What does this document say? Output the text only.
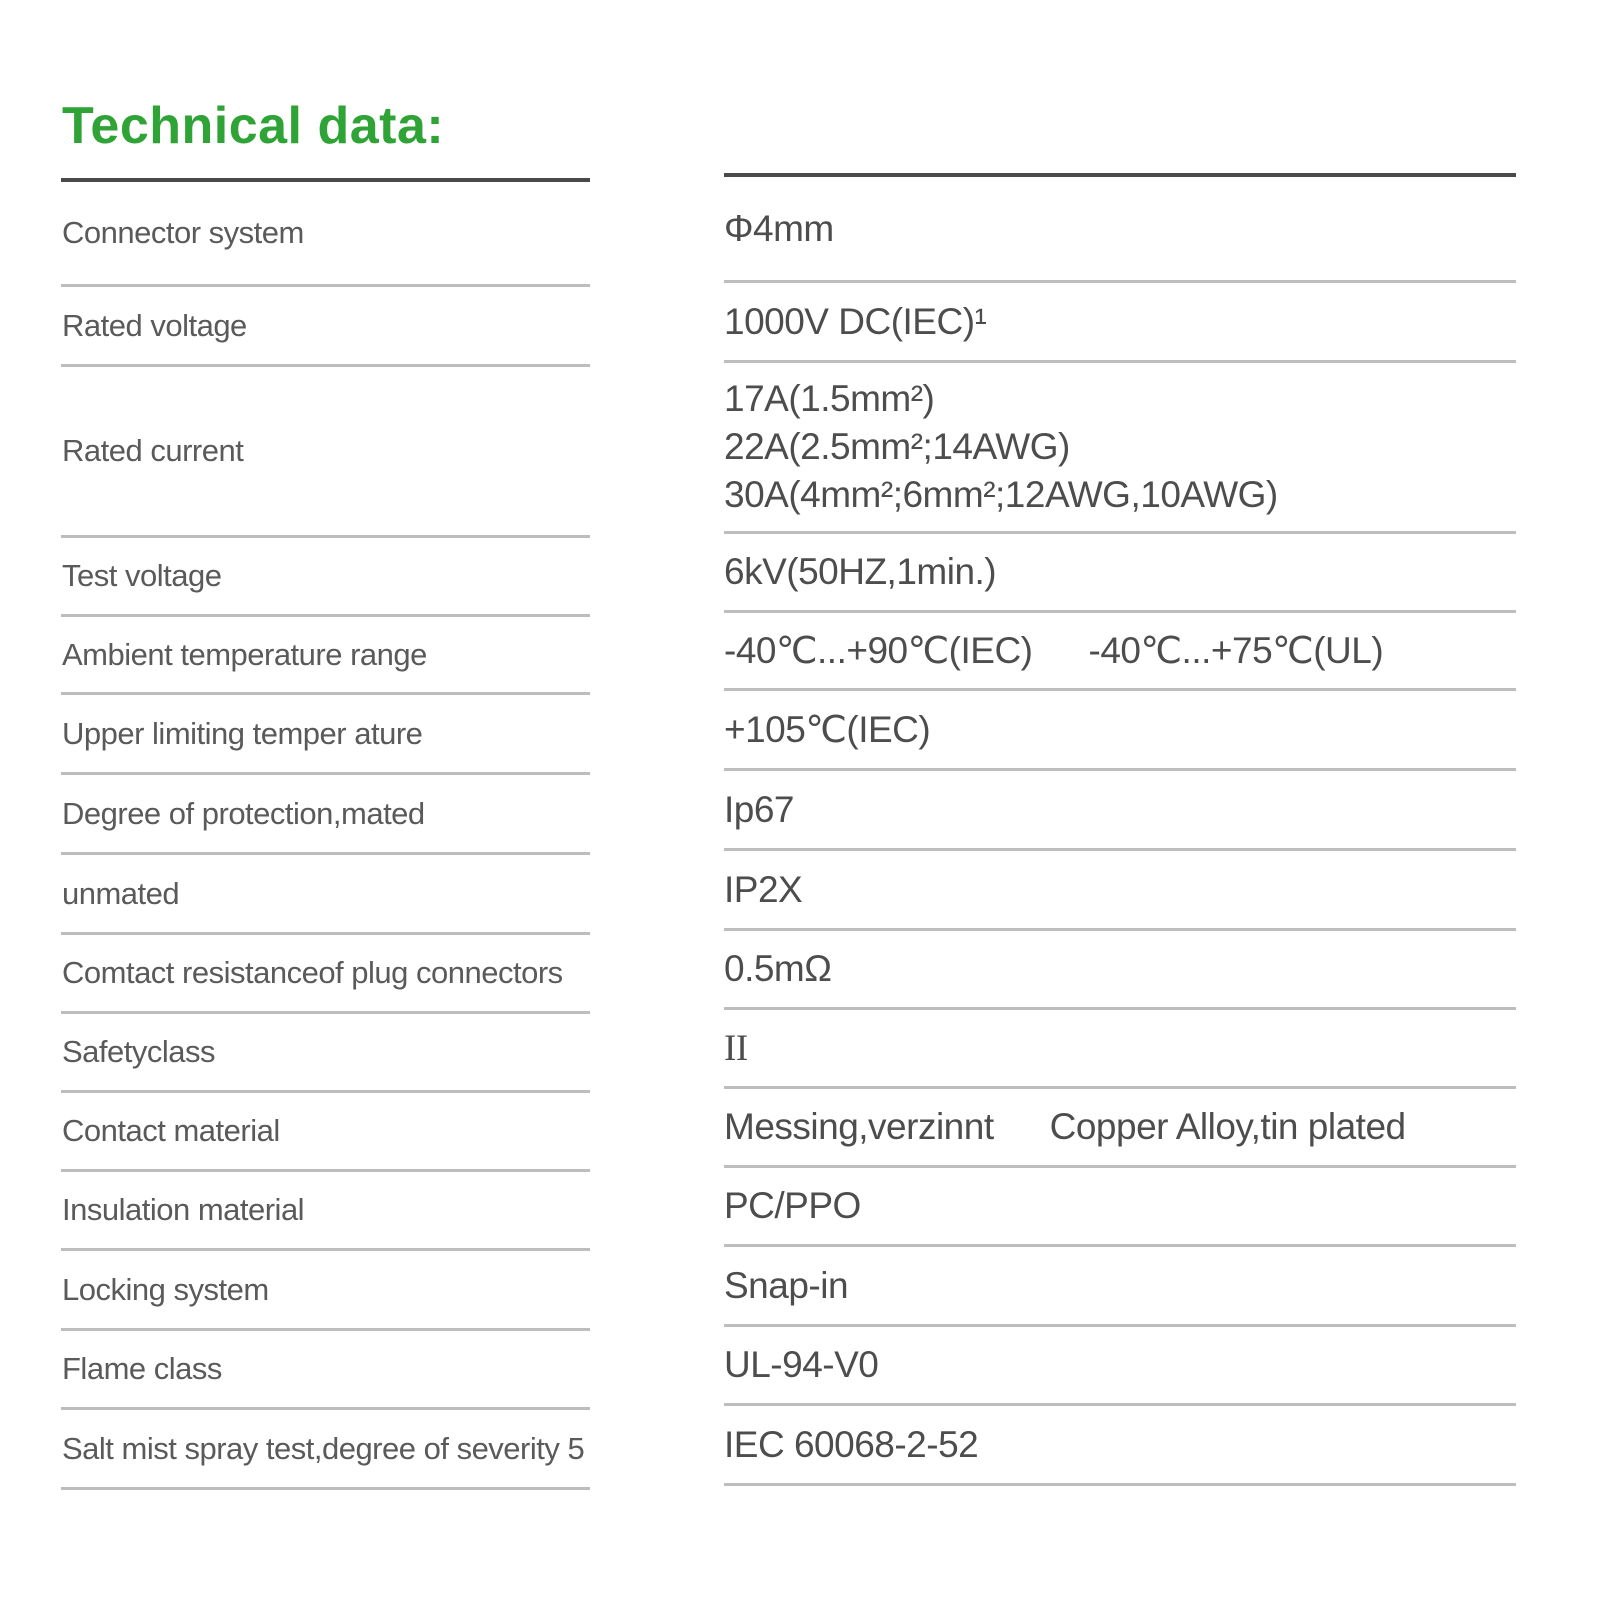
Technical data:
Connector system	Φ4mm
Rated voltage	1000V DC(IEC)¹
Rated current
17A(1.5mm²)
22A(2.5mm²;14AWG)
30A(4mm²;6mm²;12AWG,10AWG)
Test voltage	6kV(50HZ,1min.)
Ambient temperature range	-40℃...+90℃(IEC) -40℃...+75℃(UL)
Upper limiting temper ature	+105℃(IEC)
Degree of protection,mated	Ip67
unmated	IP2X
Comtact resistanceof plug connectors	0.5mΩ
Safetyclass	II
Contact material	Messing,verzinnt Copper Alloy,tin plated
Insulation material	PC/PPO
Locking system	Snap-in
Flame class	UL-94-V0
Salt mist spray test,degree of severity 5	IEC 60068-2-52
